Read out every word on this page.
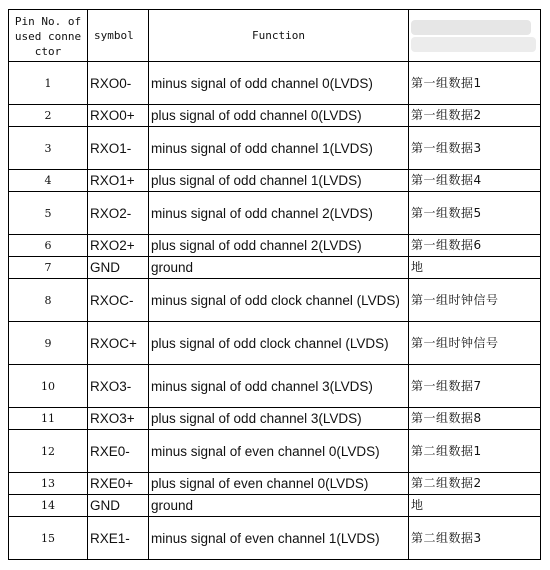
Pin No. of
used conne
ctor	symbol	Function	

1	RXO0-	minus signal of odd channel 0(LVDS)	第一组数据1
2	RXO0+	plus signal of odd channel 0(LVDS)	第一组数据2
3	RXO1-	minus signal of odd channel 1(LVDS)	第一组数据3
4	RXO1+	plus signal of odd channel 1(LVDS)	第一组数据4
5	RXO2-	minus signal of odd channel 2(LVDS)	第一组数据5
6	RXO2+	plus signal of odd channel 2(LVDS)	第一组数据6
7	GND	ground	地
8	RXOC-	minus signal of odd clock channel (LVDS)	第一组时钟信号
9	RXOC+	plus signal of odd clock channel (LVDS)	第一组时钟信号
10	RXO3-	minus signal of odd channel 3(LVDS)	第一组数据7
11	RXO3+	plus signal of odd channel 3(LVDS)	第一组数据8
12	RXE0-	minus signal of even channel 0(LVDS)	第二组数据1
13	RXE0+	plus signal of even channel 0(LVDS)	第二组数据2
14	GND	ground	地
15	RXE1-	minus signal of even channel 1(LVDS)	第二组数据3
